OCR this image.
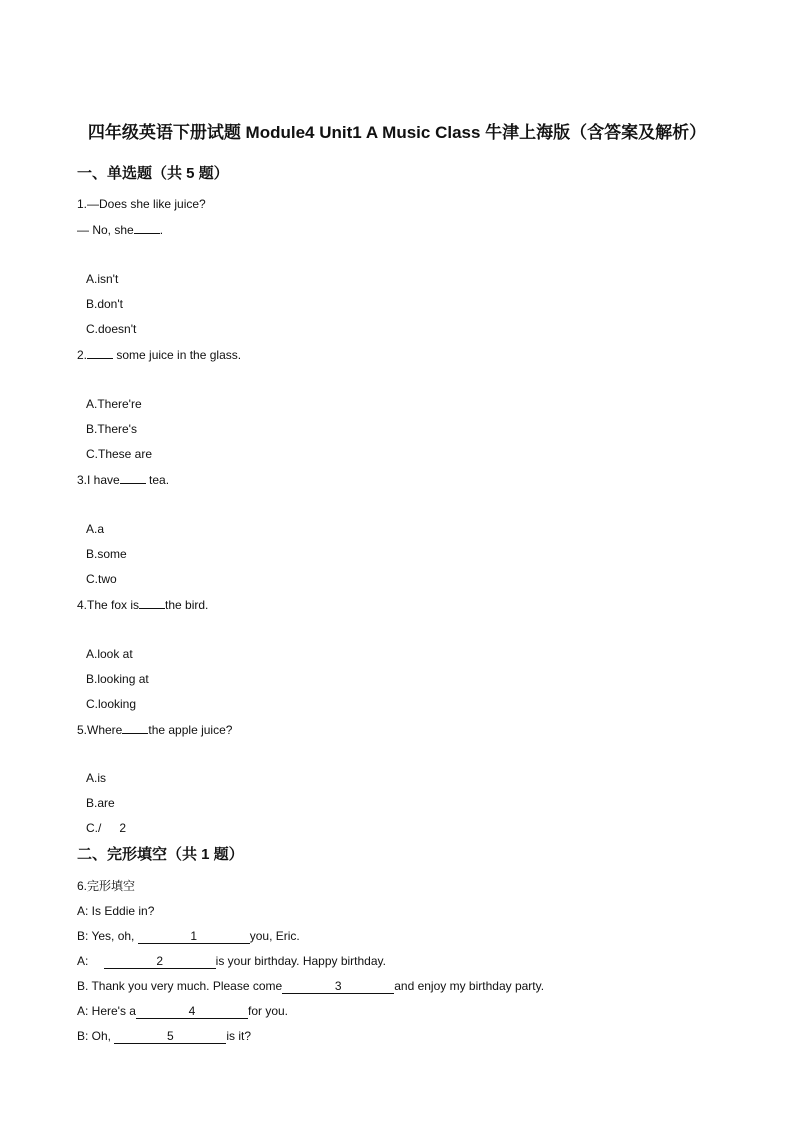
四年级英语下册试题 Module4 Unit1 A Music Class 牛津上海版（含答案及解析）
一、单选题（共 5 题）
1.—Does she like juice?
— No, she .
A.isn't
B.don't
C.doesn't
2. some juice in the glass.
A.There're
B.There's
C.These are
3.I have tea.
A.a
B.some
C.two
4.The fox is the bird.
A.look at
B.looking at
C.looking
5.Where the apple juice?
A.is
B.are
C./ 2
二、完形填空（共 1 题）
6.完形填空
A: Is Eddie in?
B: Yes, oh,	1	you, Eric.
A:	2	is your birthday. Happy birthday.
B. Thank you very much. Please come	3	and enjoy my birthday party.
A: Here's a	4	for you.
B: Oh,	5	is it?
